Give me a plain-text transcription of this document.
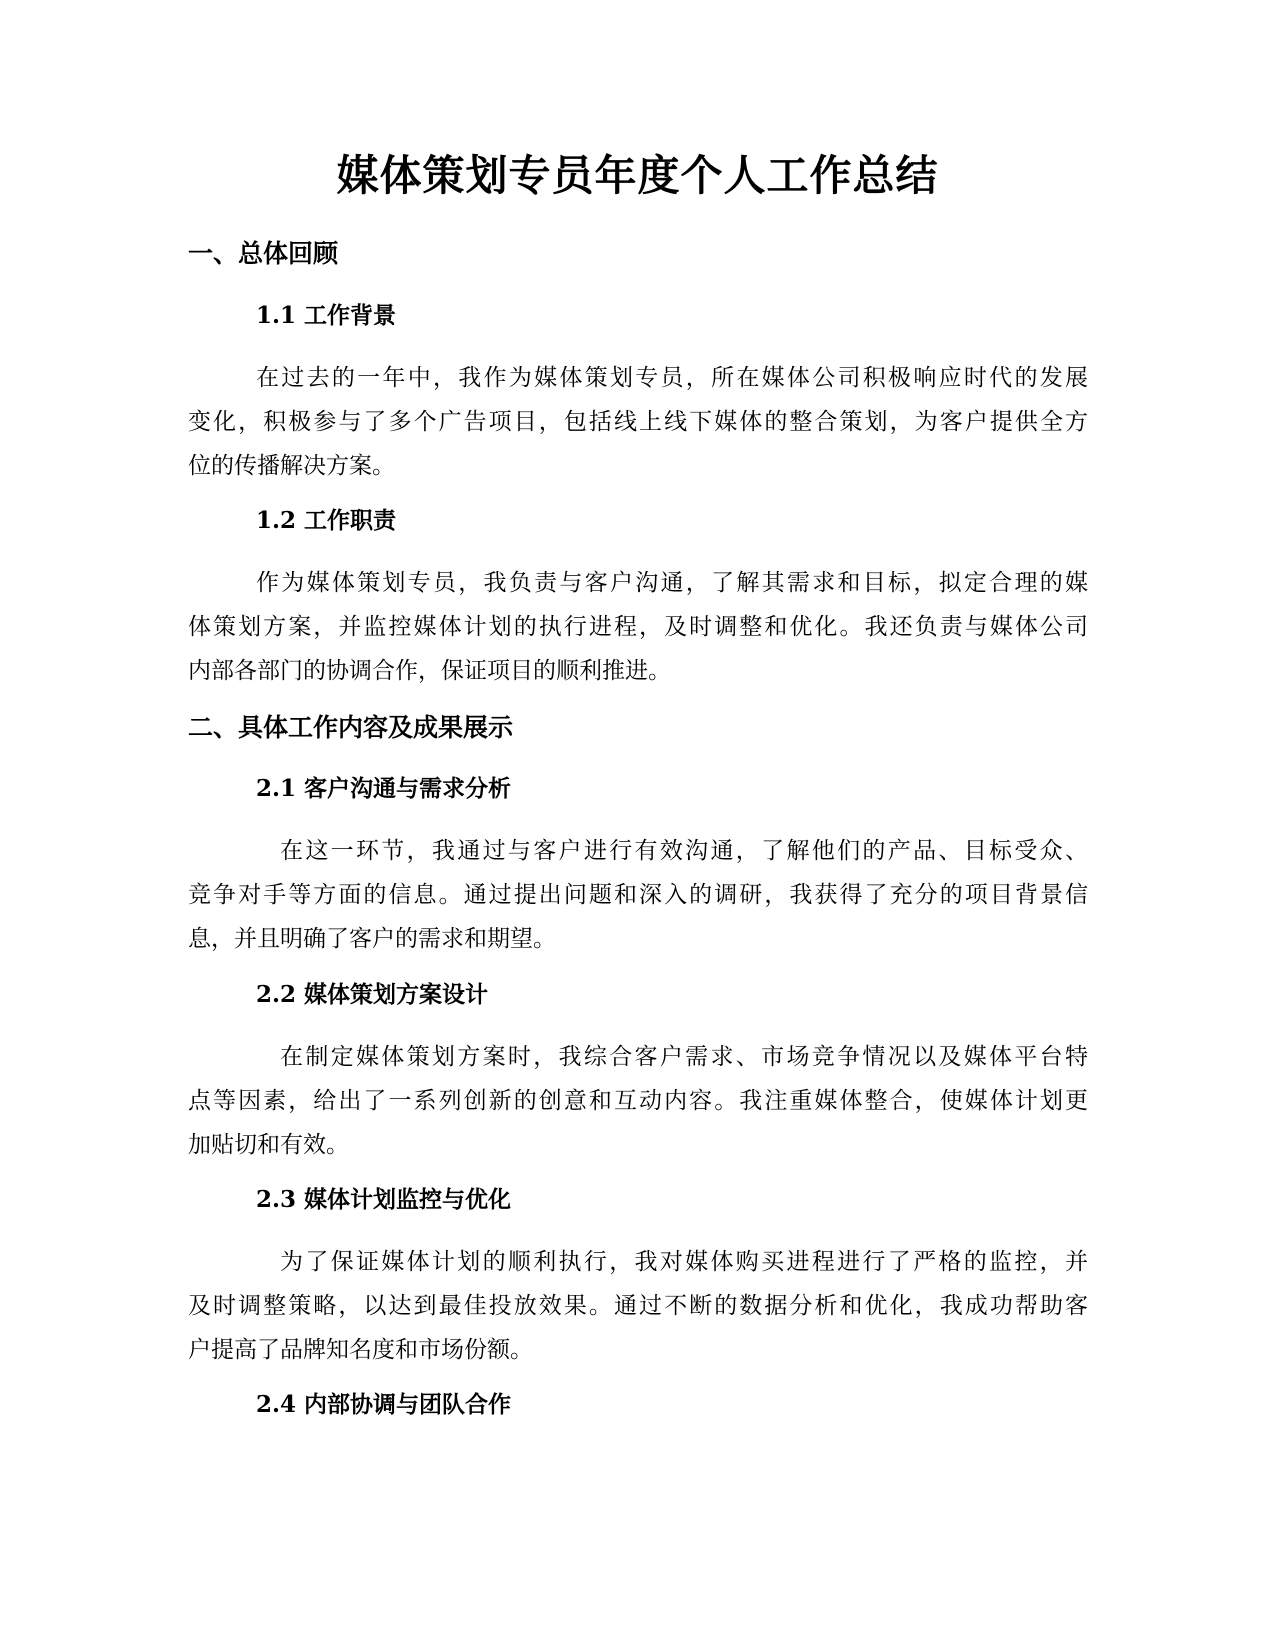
媒体策划专员年度个人工作总结
一、总体回顾
1.1 工作背景

在过去的一年中，我作为媒体策划专员，所在媒体公司积极响应时代的发展
变化，积极参与了多个广告项目，包括线上线下媒体的整合策划，为客户提供全方
位的传播解决方案。

1.2 工作职责

作为媒体策划专员，我负责与客户沟通，了解其需求和目标，拟定合理的媒
体策划方案，并监控媒体计划的执行进程，及时调整和优化。我还负责与媒体公司
内部各部门的协调合作，保证项目的顺利推进。

二、具体工作内容及成果展示
2.1 客户沟通与需求分析

在这一环节，我通过与客户进行有效沟通，了解他们的产品、目标受众、
竞争对手等方面的信息。通过提出问题和深入的调研，我获得了充分的项目背景信
息，并且明确了客户的需求和期望。

2.2 媒体策划方案设计

在制定媒体策划方案时，我综合客户需求、市场竞争情况以及媒体平台特
点等因素，给出了一系列创新的创意和互动内容。我注重媒体整合，使媒体计划更
加贴切和有效。

2.3 媒体计划监控与优化

为了保证媒体计划的顺利执行，我对媒体购买进程进行了严格的监控，并
及时调整策略，以达到最佳投放效果。通过不断的数据分析和优化，我成功帮助客
户提高了品牌知名度和市场份额。

2.4 内部协调与团队合作
